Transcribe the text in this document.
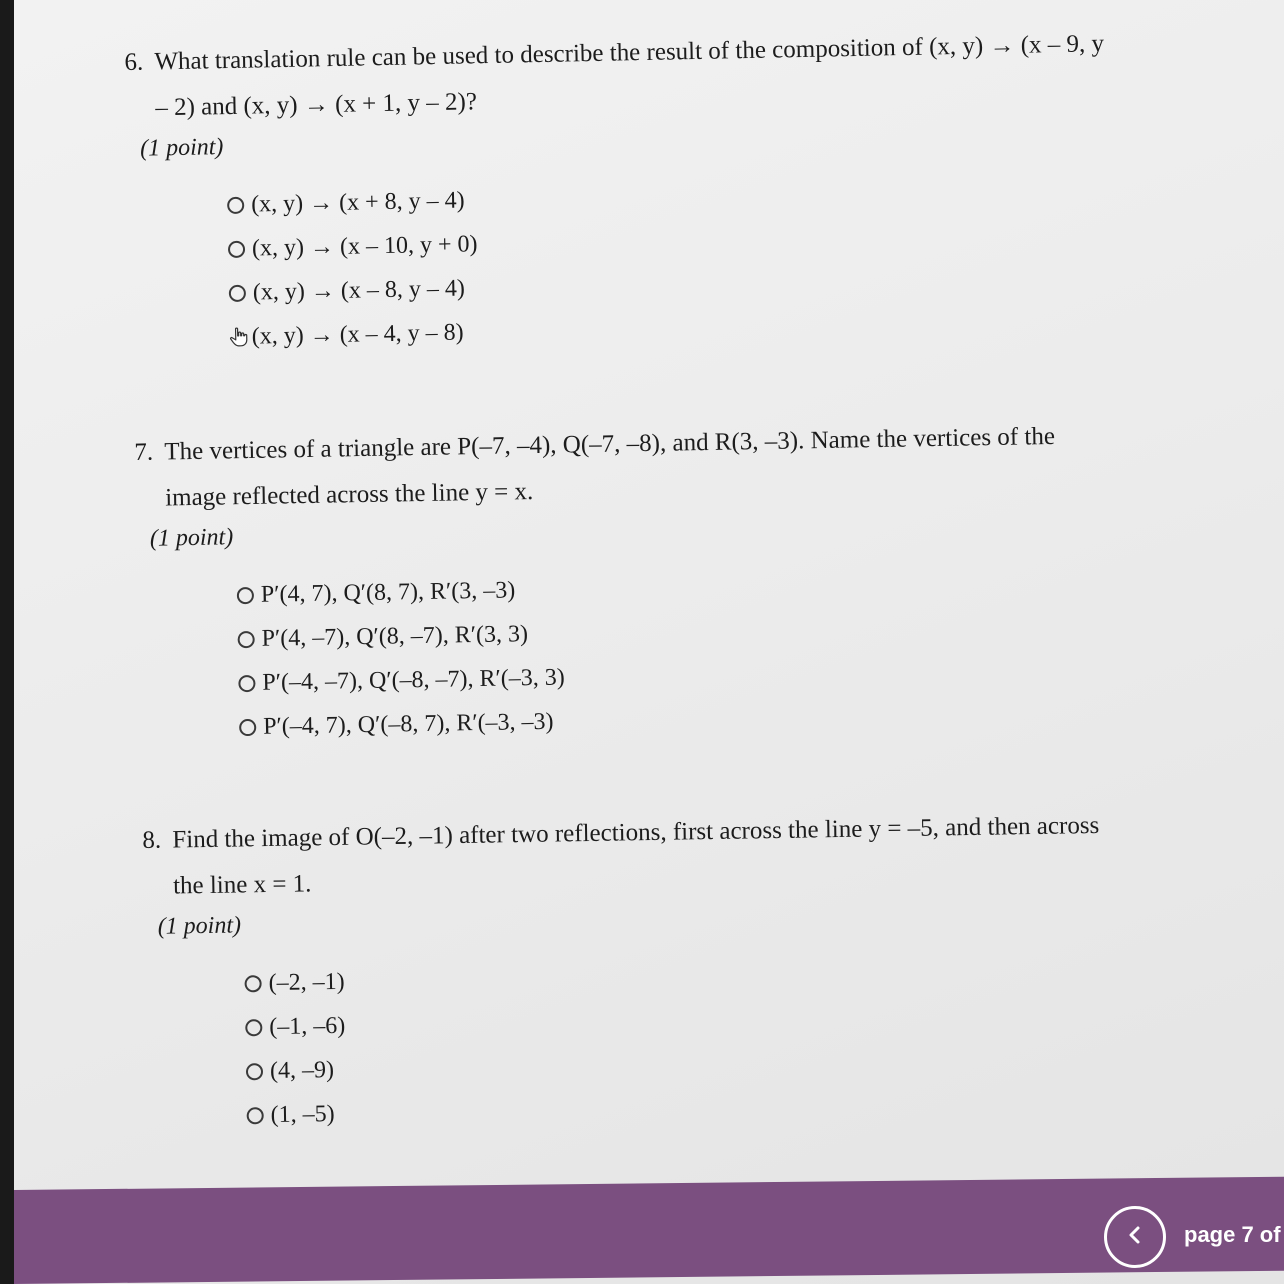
6. What translation rule can be used to describe the result of the composition of (x, y) → (x – 9, y

– 2) and (x, y) → (x + 1, y – 2)?

(1 point)
(x, y) → (x + 8, y – 4)
(x, y) → (x – 10, y + 0)
(x, y) → (x – 8, y – 4)
(x, y) → (x – 4, y – 8)

7. The vertices of a triangle are P(–7, –4), Q(–7, –8), and R(3, –3). Name the vertices of the

image reflected across the line y = x.

(1 point)
P′(4, 7), Q′(8, 7), R′(3, –3)
P′(4, –7), Q′(8, –7), R′(3, 3)
P′(–4, –7), Q′(–8, –7), R′(–3, 3)
P′(–4, 7), Q′(–8, 7), R′(–3, –3)

8. Find the image of O(–2, –1) after two reflections, first across the line y = –5, and then across

the line x = 1.

(1 point)
(–2, –1)
(–1, –6)
(4, –9)
(1, –5)
page 7 of
